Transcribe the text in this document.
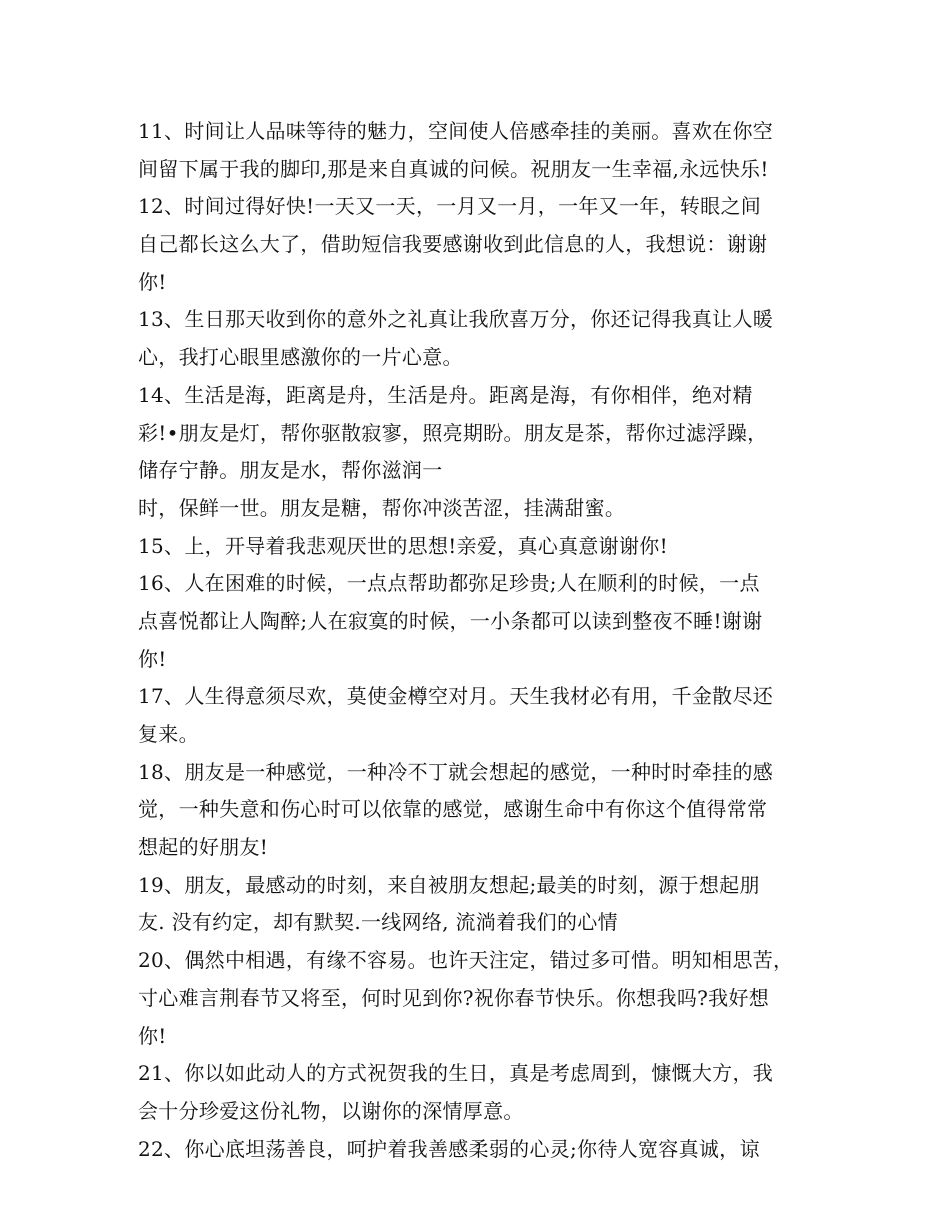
11、时间让人品味等待的魅力，空间使人倍感牵挂的美丽。喜欢在你空
间留下属于我的脚印,那是来自真诚的问候。祝朋友一生幸福,永远快乐!
12、时间过得好快!一天又一天，一月又一月，一年又一年，转眼之间
自己都长这么大了，借助短信我要感谢收到此信息的人，我想说：谢谢
你!
13、生日那天收到你的意外之礼真让我欣喜万分，你还记得我真让人暖
心，我打心眼里感激你的一片心意。
14、生活是海，距离是舟，生活是舟。距离是海，有你相伴，绝对精
彩!•朋友是灯，帮你驱散寂寥，照亮期盼。朋友是茶，帮你过滤浮躁，
储存宁静。朋友是水，帮你滋润一
时，保鲜一世。朋友是糖，帮你冲淡苦涩，挂满甜蜜。
15、上，开导着我悲观厌世的思想!亲爱，真心真意谢谢你!
16、人在困难的时候，一点点帮助都弥足珍贵;人在顺利的时候，一点
点喜悦都让人陶醉;人在寂寞的时候，一小条都可以读到整夜不睡!谢谢
你!
17、人生得意须尽欢，莫使金樽空对月。天生我材必有用，千金散尽还
复来。
18、朋友是一种感觉，一种冷不丁就会想起的感觉，一种时时牵挂的感
觉，一种失意和伤心时可以依靠的感觉，感谢生命中有你这个值得常常
想起的好朋友!
19、朋友，最感动的时刻，来自被朋友想起;最美的时刻，源于想起朋
友. 没有约定，却有默契.一线网络, 流淌着我们的心情
20、偶然中相遇，有缘不容易。也许天注定，错过多可惜。明知相思苦，
寸心难言荆春节又将至，何时见到你?祝你春节快乐。你想我吗?我好想
你!
21、你以如此动人的方式祝贺我的生日，真是考虑周到，慷慨大方，我
会十分珍爱这份礼物，以谢你的深情厚意。
22、你心底坦荡善良，呵护着我善感柔弱的心灵;你待人宽容真诚，谅
